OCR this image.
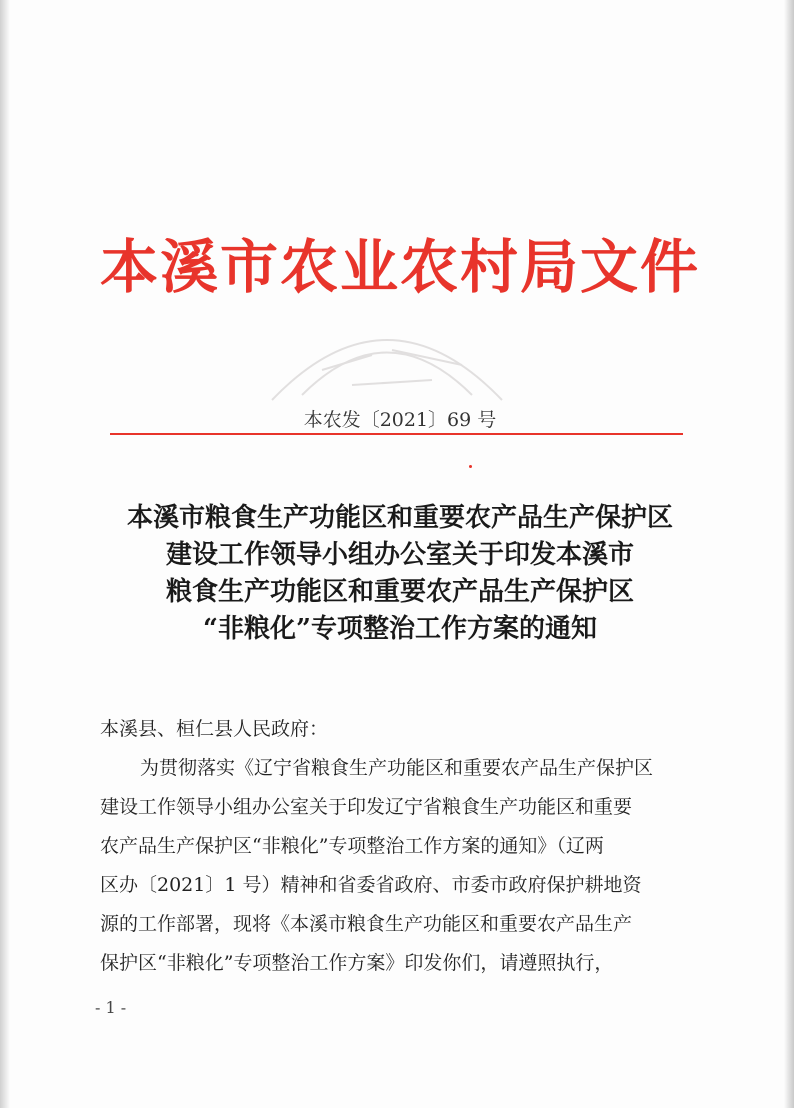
本溪市农业农村局文件
本农发〔2021〕69 号
本溪市粮食生产功能区和重要农产品生产保护区
建设工作领导小组办公室关于印发本溪市
粮食生产功能区和重要农产品生产保护区
“非粮化”专项整治工作方案的通知
本溪县、桓仁县人民政府：
为贯彻落实《辽宁省粮食生产功能区和重要农产品生产保护区
建设工作领导小组办公室关于印发辽宁省粮食生产功能区和重要
农产品生产保护区“非粮化”专项整治工作方案的通知》（辽两
区办〔2021〕1 号）精神和省委省政府、市委市政府保护耕地资
源的工作部署，现将《本溪市粮食生产功能区和重要农产品生产
保护区“非粮化”专项整治工作方案》印发你们，请遵照执行，
- 1 -
